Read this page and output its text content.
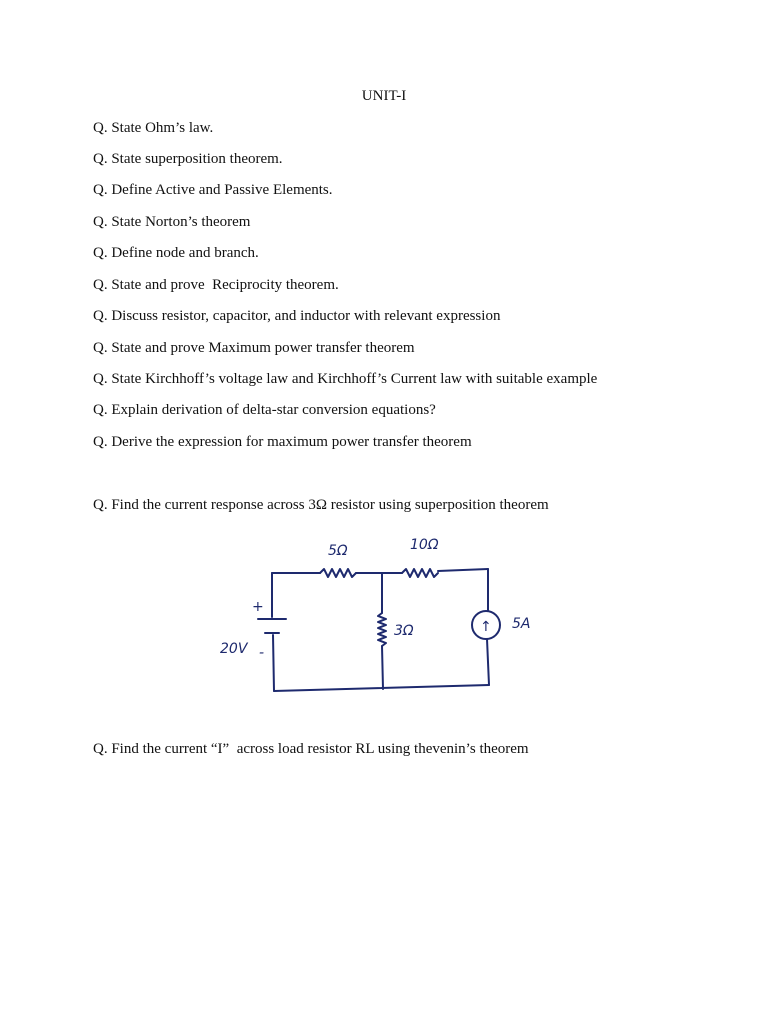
UNIT-I
Q. State Ohm’s law.
Q. State superposition theorem.
Q. Define Active and Passive Elements.
Q. State Norton’s theorem
Q. Define node and branch.
Q. State and prove  Reciprocity theorem.
Q. Discuss resistor, capacitor, and inductor with relevant expression
Q. State and prove Maximum power transfer theorem
Q. State Kirchhoff’s voltage law and Kirchhoff’s Current law with suitable example
Q. Explain derivation of delta-star conversion equations?
Q. Derive the expression for maximum power transfer theorem
Q. Find the current response across 3Ω resistor using superposition theorem
5Ω	10Ω
3Ω
20V
+
-
5A
↑
Q. Find the current “I”  across load resistor RL using thevenin’s theorem
